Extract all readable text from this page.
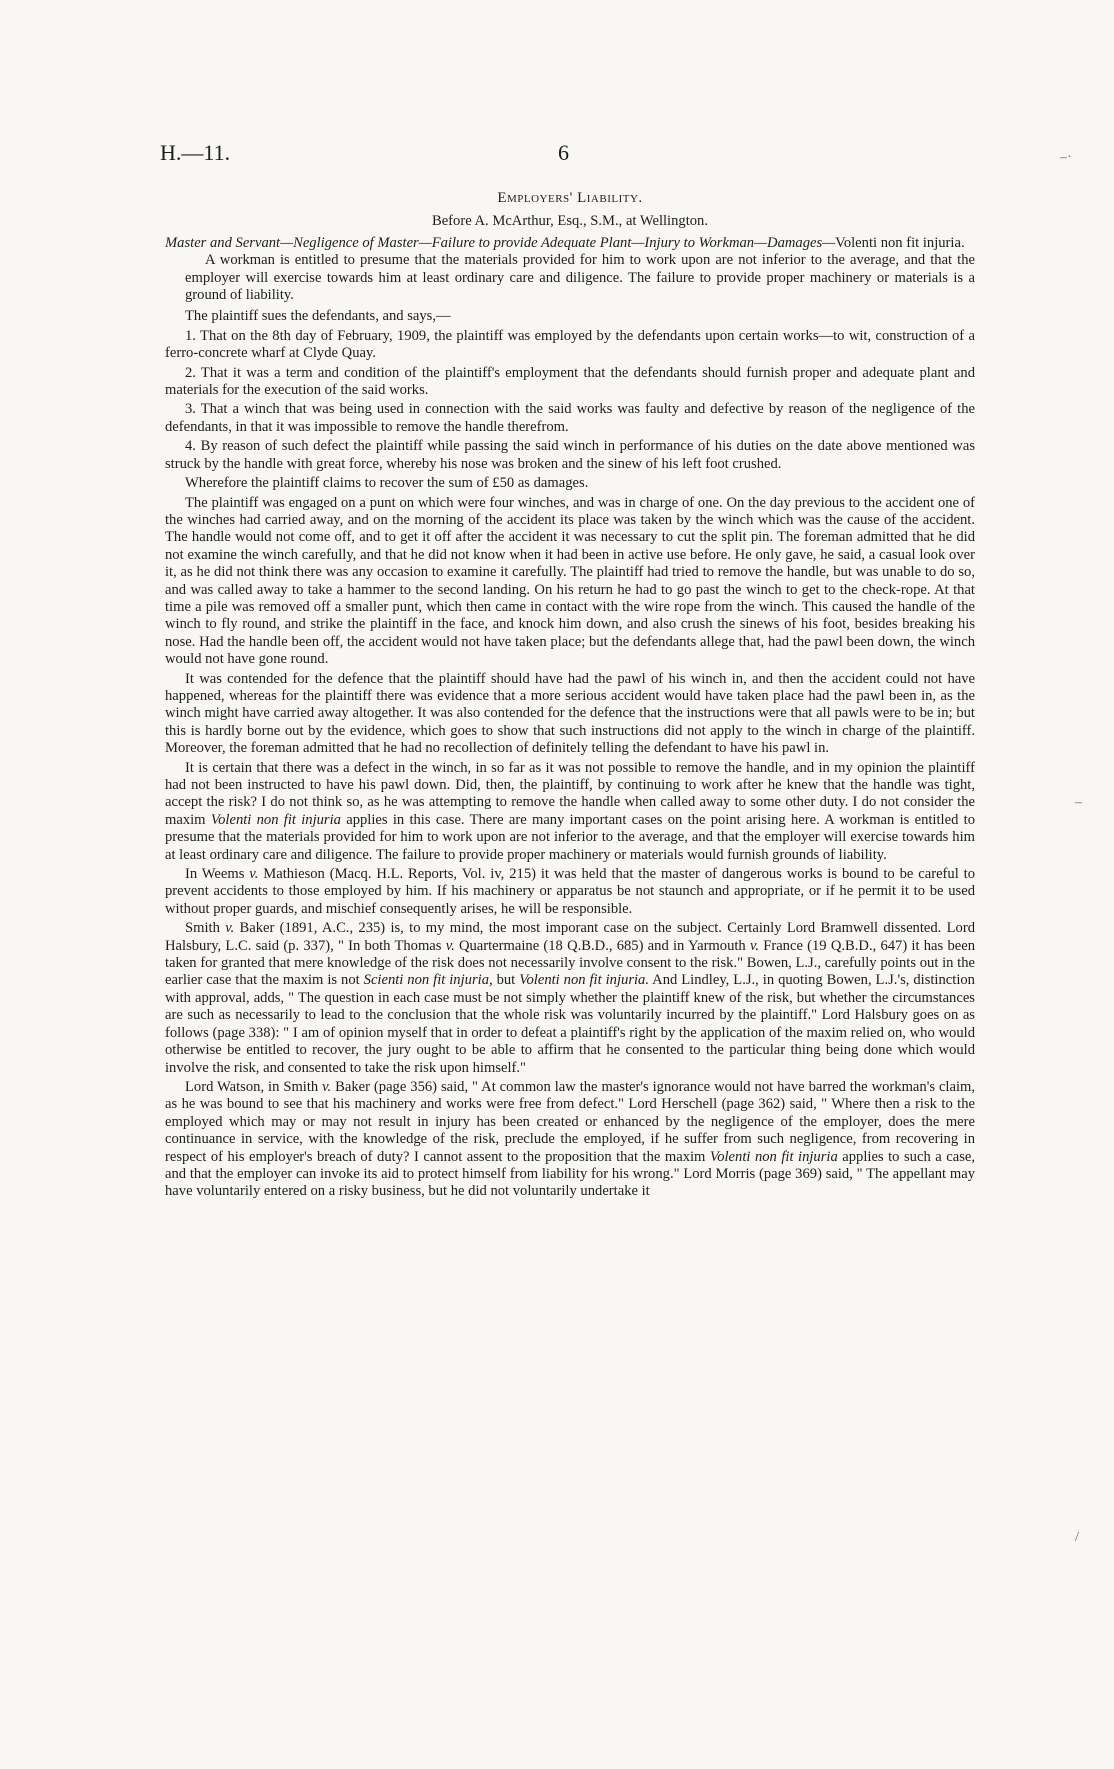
H.—11.	6
Employers' Liability.
Before A. McArthur, Esq., S.M., at Wellington.
Master and Servant—Negligence of Master—Failure to provide Adequate Plant—Injury to Workman—Damages—Volenti non fit injuria.
A workman is entitled to presume that the materials provided for him to work upon are not inferior to the average, and that the employer will exercise towards him at least ordinary care and diligence. The failure to provide proper machinery or materials is a ground of liability.

The plaintiff sues the defendants, and says,—

1. That on the 8th day of February, 1909, the plaintiff was employed by the defendants upon certain works—to wit, construction of a ferro-concrete wharf at Clyde Quay.

2. That it was a term and condition of the plaintiff's employment that the defendants should furnish proper and adequate plant and materials for the execution of the said works.

3. That a winch that was being used in connection with the said works was faulty and defective by reason of the negligence of the defendants, in that it was impossible to remove the handle therefrom.

4. By reason of such defect the plaintiff while passing the said winch in performance of his duties on the date above mentioned was struck by the handle with great force, whereby his nose was broken and the sinew of his left foot crushed.

Wherefore the plaintiff claims to recover the sum of £50 as damages.

The plaintiff was engaged on a punt on which were four winches, and was in charge of one. On the day previous to the accident one of the winches had carried away, and on the morning of the accident its place was taken by the winch which was the cause of the accident. The handle would not come off, and to get it off after the accident it was necessary to cut the split pin. The foreman admitted that he did not examine the winch carefully, and that he did not know when it had been in active use before. He only gave, he said, a casual look over it, as he did not think there was any occasion to examine it carefully. The plaintiff had tried to remove the handle, but was unable to do so, and was called away to take a hammer to the second landing. On his return he had to go past the winch to get to the check-rope. At that time a pile was removed off a smaller punt, which then came in contact with the wire rope from the winch. This caused the handle of the winch to fly round, and strike the plaintiff in the face, and knock him down, and also crush the sinews of his foot, besides breaking his nose. Had the handle been off, the accident would not have taken place; but the defendants allege that, had the pawl been down, the winch would not have gone round.

It was contended for the defence that the plaintiff should have had the pawl of his winch in, and then the accident could not have happened, whereas for the plaintiff there was evidence that a more serious accident would have taken place had the pawl been in, as the winch might have carried away altogether. It was also contended for the defence that the instructions were that all pawls were to be in; but this is hardly borne out by the evidence, which goes to show that such instructions did not apply to the winch in charge of the plaintiff. Moreover, the foreman admitted that he had no recollection of definitely telling the defendant to have his pawl in.

It is certain that there was a defect in the winch, in so far as it was not possible to remove the handle, and in my opinion the plaintiff had not been instructed to have his pawl down. Did, then, the plaintiff, by continuing to work after he knew that the handle was tight, accept the risk? I do not think so, as he was attempting to remove the handle when called away to some other duty. I do not consider the maxim Volenti non fit injuria applies in this case. There are many important cases on the point arising here. A workman is entitled to presume that the materials provided for him to work upon are not inferior to the average, and that the employer will exercise towards him at least ordinary care and diligence. The failure to provide proper machinery or materials would furnish grounds of liability.

In Weems v. Mathieson (Macq. H.L. Reports, Vol. iv, 215) it was held that the master of dangerous works is bound to be careful to prevent accidents to those employed by him. If his machinery or apparatus be not staunch and appropriate, or if he permit it to be used without proper guards, and mischief consequently arises, he will be responsible.

Smith v. Baker (1891, A.C., 235) is, to my mind, the most imporant case on the subject. Certainly Lord Bramwell dissented. Lord Halsbury, L.C. said (p. 337), " In both Thomas v. Quartermaine (18 Q.B.D., 685) and in Yarmouth v. France (19 Q.B.D., 647) it has been taken for granted that mere knowledge of the risk does not necessarily involve consent to the risk." Bowen, L.J., carefully points out in the earlier case that the maxim is not Scienti non fit injuria, but Volenti non fit injuria. And Lindley, L.J., in quoting Bowen, L.J.'s, distinction with approval, adds, " The question in each case must be not simply whether the plaintiff knew of the risk, but whether the circumstances are such as necessarily to lead to the conclusion that the whole risk was voluntarily incurred by the plaintiff." Lord Halsbury goes on as follows (page 338): " I am of opinion myself that in order to defeat a plaintiff's right by the application of the maxim relied on, who would otherwise be entitled to recover, the jury ought to be able to affirm that he consented to the particular thing being done which would involve the risk, and consented to take the risk upon himself."

Lord Watson, in Smith v. Baker (page 356) said, " At common law the master's ignorance would not have barred the workman's claim, as he was bound to see that his machinery and works were free from defect." Lord Herschell (page 362) said, " Where then a risk to the employed which may or may not result in injury has been created or enhanced by the negligence of the employer, does the mere continuance in service, with the knowledge of the risk, preclude the employed, if he suffer from such negligence, from recovering in respect of his employer's breach of duty? I cannot assent to the proposition that the maxim Volenti non fit injuria applies to such a case, and that the employer can invoke its aid to protect himself from liability for his wrong." Lord Morris (page 369) said, " The appellant may have voluntarily entered on a risky business, but he did not voluntarily undertake it

–·
–
/
